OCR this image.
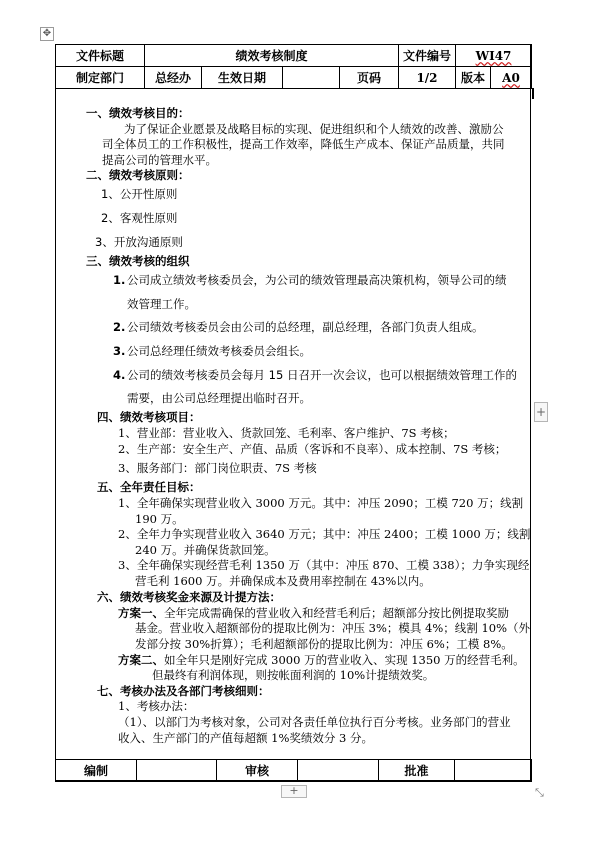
✥
文件标题	绩效考核制度	文件编号	WI47
制定部门	总经办	生效日期		页码	1/2	版本	A0
一、绩效考核目的：
为了保证企业愿景及战略目标的实现、促进组织和个人绩效的改善、激励公
司全体员工的工作积极性，提高工作效率，降低生产成本、保证产品质量，共同
提高公司的管理水平。
二、绩效考核原则：
1、公开性原则
2、客观性原则
3、开放沟通原则
三、绩效考核的组织
1. 公司成立绩效考核委员会，为公司的绩效管理最高决策机构，领导公司的绩
效管理工作。
2. 公司绩效考核委员会由公司的总经理，副总经理，各部门负责人组成。
3. 公司总经理任绩效考核委员会组长。
4. 公司的绩效考核委员会每月 15 日召开一次会议，也可以根据绩效管理工作的
需要，由公司总经理提出临时召开。
四、绩效考核项目：
1、营业部：营业收入、货款回笼、毛利率、客户维护、7S 考核；
2、生产部：安全生产、产值、品质（客诉和不良率）、成本控制、7S 考核；
3、服务部门：部门岗位职责、7S 考核
五、全年责任目标：
1、全年确保实现营业收入 3000 万元。其中：冲压 2090；工模 720 万；线割
190 万。
2、全年力争实现营业收入 3640 万元；其中：冲压 2400；工模 1000 万；线割
240 万。并确保货款回笼。
3、全年确保实现经营毛利 1350 万（其中：冲压 870、工模 338）；力争实现经
营毛利 1600 万。并确保成本及费用率控制在 43%以内。
六、绩效考核奖金来源及计提方法：
方案一、全年完成需确保的营业收入和经营毛利后；超额部分按比例提取奖励
基金。营业收入超额部份的提取比例为：冲压 3%；模具 4%；线割 10%（外
发部分按 30%折算）；毛利超额部份的提取比例为：冲压 6%；工模 8%。
方案二、如全年只是刚好完成 3000 万的营业收入、实现 1350 万的经营毛利。
但最终有利润体现，则按帐面利润的 10%计提绩效奖。
七、考核办法及各部门考核细则：
1、考核办法：
（1）、以部门为考核对象，公司对各责任单位执行百分考核。业务部门的营业
收入、生产部门的产值每超额 1%奖绩效分 3 分。
编制		审核		批准	
+
+	⤡
